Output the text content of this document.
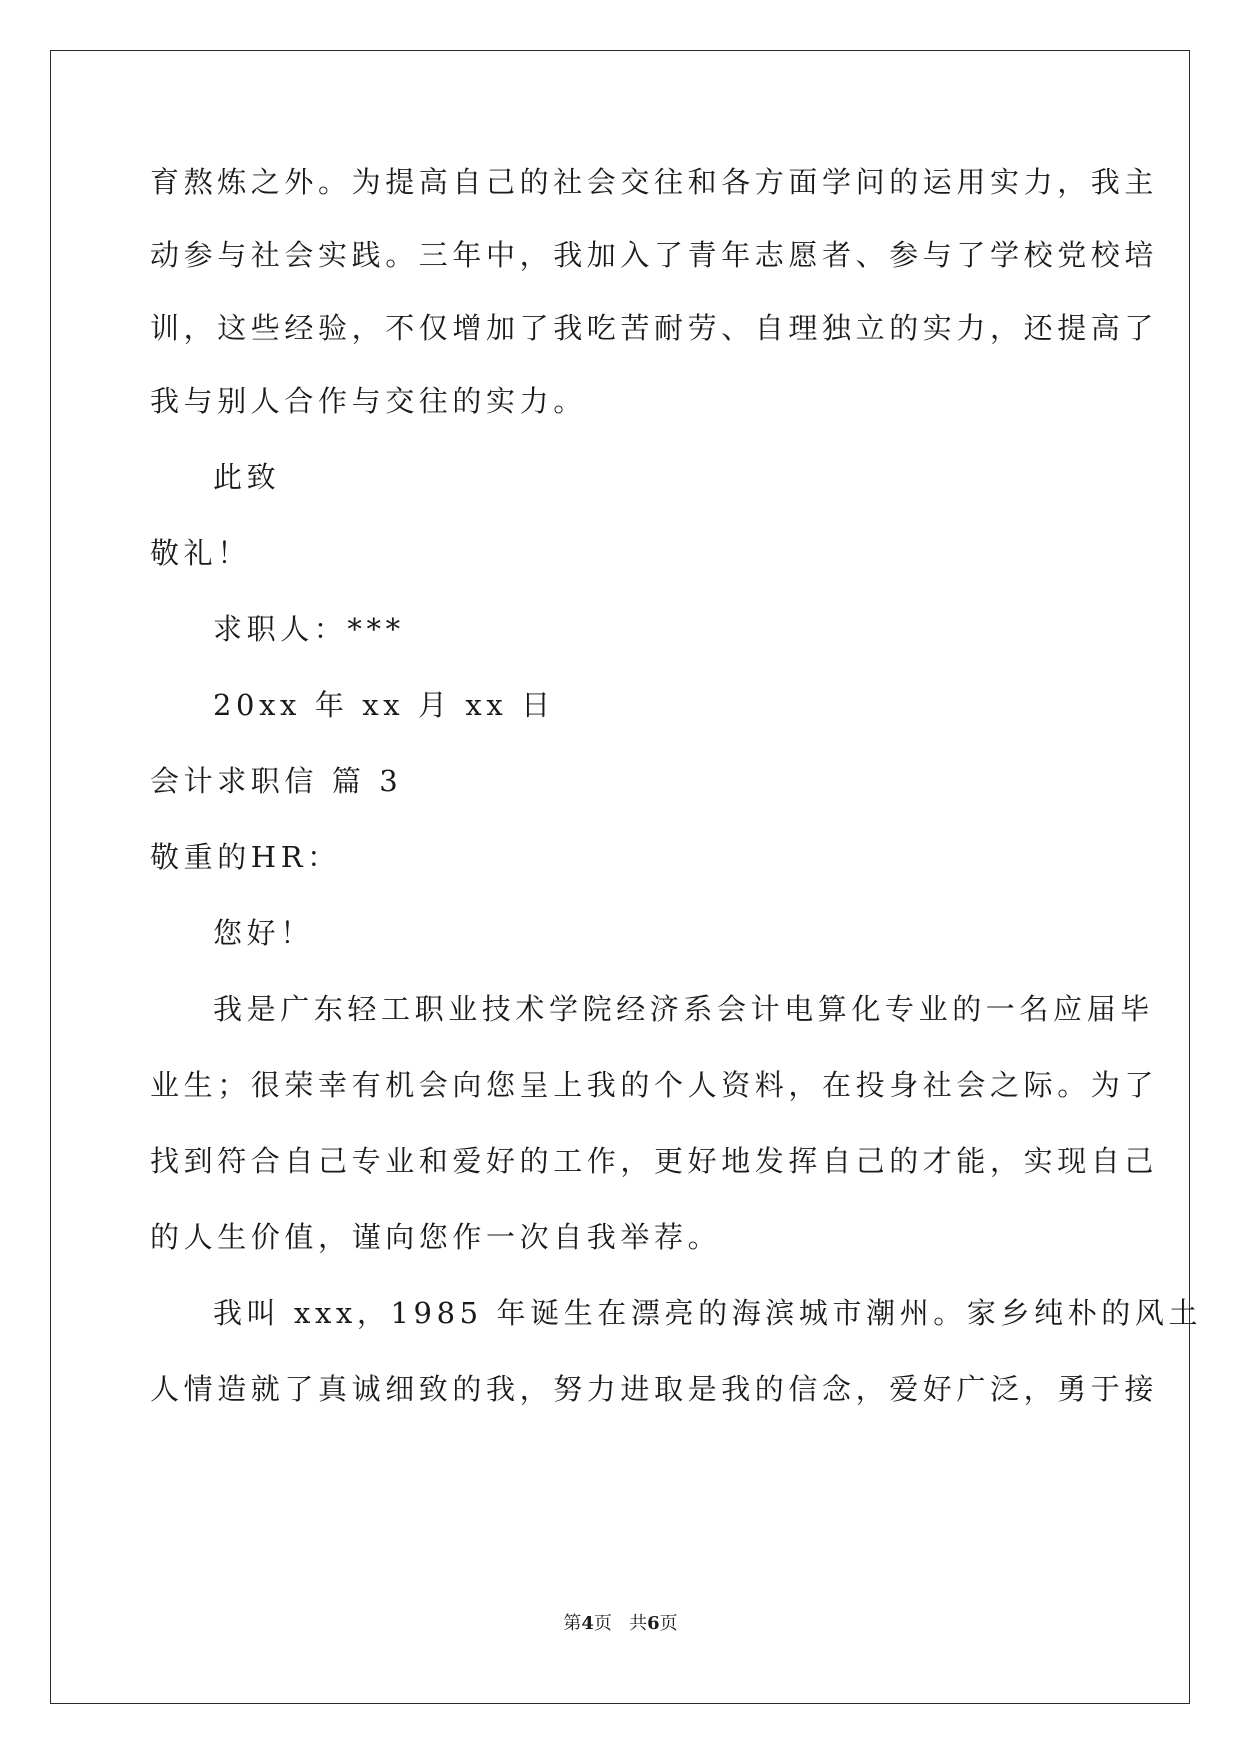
育熬炼之外。为提高自己的社会交往和各方面学问的运用实力，我主
动参与社会实践。三年中，我加入了青年志愿者、参与了学校党校培
训，这些经验，不仅增加了我吃苦耐劳、自理独立的实力，还提高了
我与别人合作与交往的实力。
此致
敬礼！
求职人：***
20xx 年 xx 月 xx 日
会计求职信 篇 3
敬重的HR：
您好！
我是广东轻工职业技术学院经济系会计电算化专业的一名应届毕
业生；很荣幸有机会向您呈上我的个人资料，在投身社会之际。为了
找到符合自己专业和爱好的工作，更好地发挥自己的才能，实现自己
的人生价值，谨向您作一次自我举荐。
我叫 xxx，1985 年诞生在漂亮的海滨城市潮州。家乡纯朴的风土
人情造就了真诚细致的我，努力进取是我的信念，爱好广泛，勇于接
第4页   共6页
